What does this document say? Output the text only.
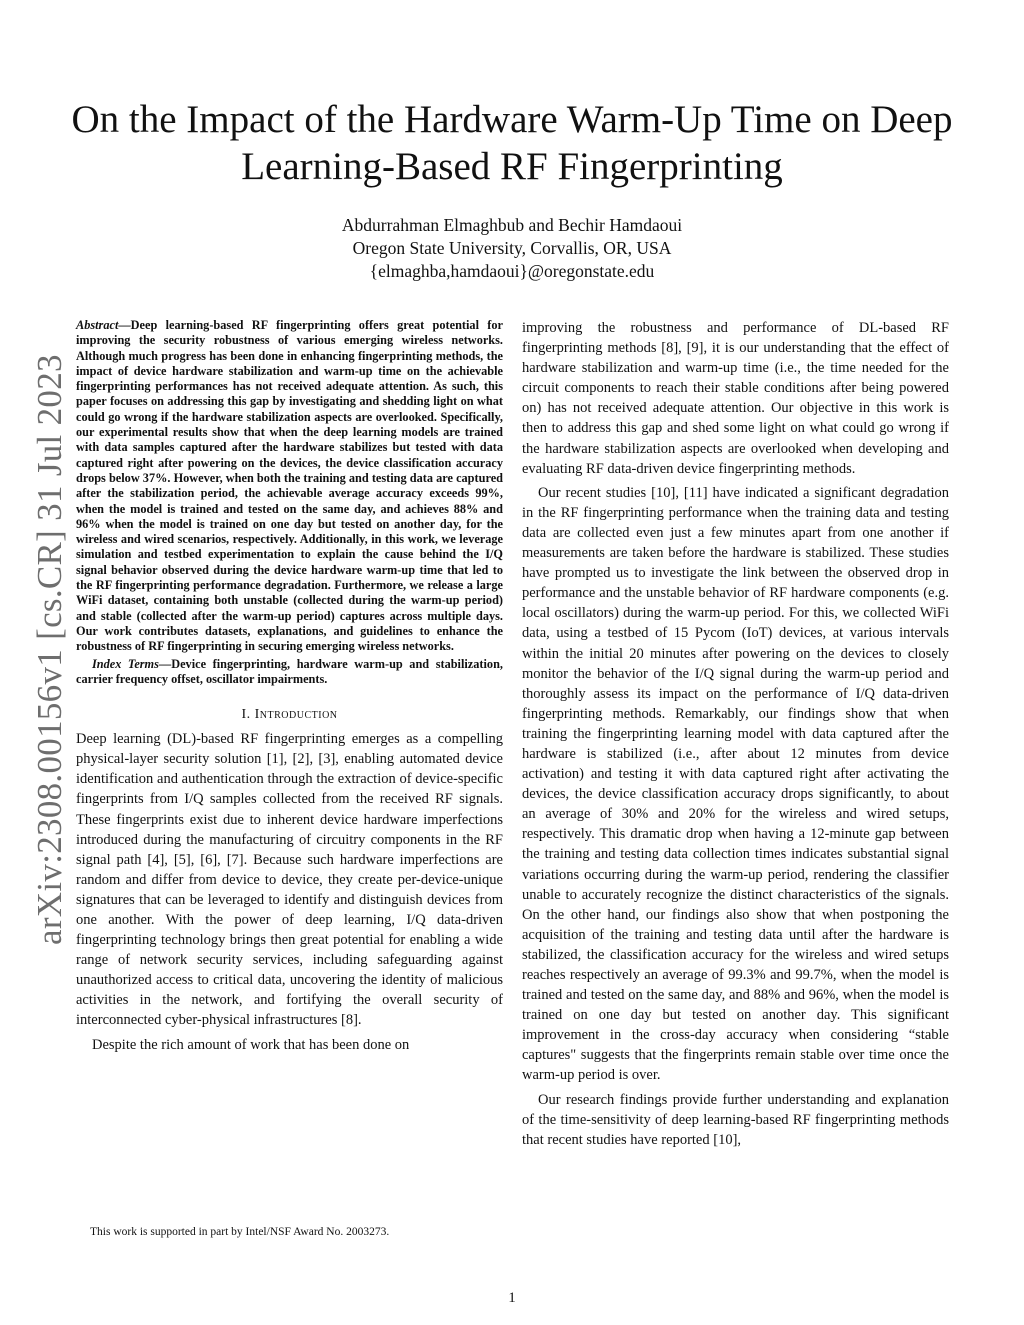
arXiv:2308.00156v1 [cs.CR] 31 Jul 2023
On the Impact of the Hardware Warm-Up Time on Deep Learning-Based RF Fingerprinting
Abdurrahman Elmaghbub and Bechir Hamdaoui
Oregon State University, Corvallis, OR, USA
{elmaghba,hamdaoui}@oregonstate.edu

Abstract—Deep learning-based RF fingerprinting offers great potential for improving the security robustness of various emerging wireless networks. Although much progress has been done in enhancing fingerprinting methods, the impact of device hardware stabilization and warm-up time on the achievable fingerprinting performances has not received adequate attention. As such, this paper focuses on addressing this gap by investigating and shedding light on what could go wrong if the hardware stabilization aspects are overlooked. Specifically, our experimental results show that when the deep learning models are trained with data samples captured after the hardware stabilizes but tested with data captured right after powering on the devices, the device classification accuracy drops below 37%. However, when both the training and testing data are captured after the stabilization period, the achievable average accuracy exceeds 99%, when the model is trained and tested on the same day, and achieves 88% and 96% when the model is trained on one day but tested on another day, for the wireless and wired scenarios, respectively. Additionally, in this work, we leverage simulation and testbed experimentation to explain the cause behind the I/Q signal behavior observed during the device hardware warm-up time that led to the RF fingerprinting performance degradation. Furthermore, we release a large WiFi dataset, containing both unstable (collected during the warm-up period) and stable (collected after the warm-up period) captures across multiple days. Our work contributes datasets, explanations, and guidelines to enhance the robustness of RF fingerprinting in securing emerging wireless networks.

Index Terms—Device fingerprinting, hardware warm-up and stabilization, carrier frequency offset, oscillator impairments.

I. Introduction

Deep learning (DL)-based RF fingerprinting emerges as a compelling physical-layer security solution [1], [2], [3], enabling automated device identification and authentication through the extraction of device-specific fingerprints from I/Q samples collected from the received RF signals. These fingerprints exist due to inherent device hardware imperfections introduced during the manufacturing of circuitry components in the RF signal path [4], [5], [6], [7]. Because such hardware imperfections are random and differ from device to device, they create per-device-unique signatures that can be leveraged to identify and distinguish devices from one another. With the power of deep learning, I/Q data-driven fingerprinting technology brings then great potential for enabling a wide range of network security services, including safeguarding against unauthorized access to critical data, uncovering the identity of malicious activities in the network, and fortifying the overall security of interconnected cyber-physical infrastructures [8].

Despite the rich amount of work that has been done on

improving the robustness and performance of DL-based RF fingerprinting methods [8], [9], it is our understanding that the effect of hardware stabilization and warm-up time (i.e., the time needed for the circuit components to reach their stable conditions after being powered on) has not received adequate attention. Our objective in this work is then to address this gap and shed some light on what could go wrong if the hardware stabilization aspects are overlooked when developing and evaluating RF data-driven device fingerprinting methods.

Our recent studies [10], [11] have indicated a significant degradation in the RF fingerprinting performance when the training data and testing data are collected even just a few minutes apart from one another if measurements are taken before the hardware is stabilized. These studies have prompted us to investigate the link between the observed drop in performance and the unstable behavior of RF hardware components (e.g. local oscillators) during the warm-up period. For this, we collected WiFi data, using a testbed of 15 Pycom (IoT) devices, at various intervals within the initial 20 minutes after powering on the devices to closely monitor the behavior of the I/Q signal during the warm-up period and thoroughly assess its impact on the performance of I/Q data-driven fingerprinting methods. Remarkably, our findings show that when training the fingerprinting learning model with data captured after the hardware is stabilized (i.e., after about 12 minutes from device activation) and testing it with data captured right after activating the devices, the device classification accuracy drops significantly, to about an average of 30% and 20% for the wireless and wired setups, respectively. This dramatic drop when having a 12-minute gap between the training and testing data collection times indicates substantial signal variations occurring during the warm-up period, rendering the classifier unable to accurately recognize the distinct characteristics of the signals. On the other hand, our findings also show that when postponing the acquisition of the training and testing data until after the hardware is stabilized, the classification accuracy for the wireless and wired setups reaches respectively an average of 99.3% and 99.7%, when the model is trained and tested on the same day, and 88% and 96%, when the model is trained on one day but tested on another day. This significant improvement in the cross-day accuracy when considering “stable captures" suggests that the fingerprints remain stable over time once the warm-up period is over.

Our research findings provide further understanding and explanation of the time-sensitivity of deep learning-based RF fingerprinting methods that recent studies have reported [10],

This work is supported in part by Intel/NSF Award No. 2003273.
1
